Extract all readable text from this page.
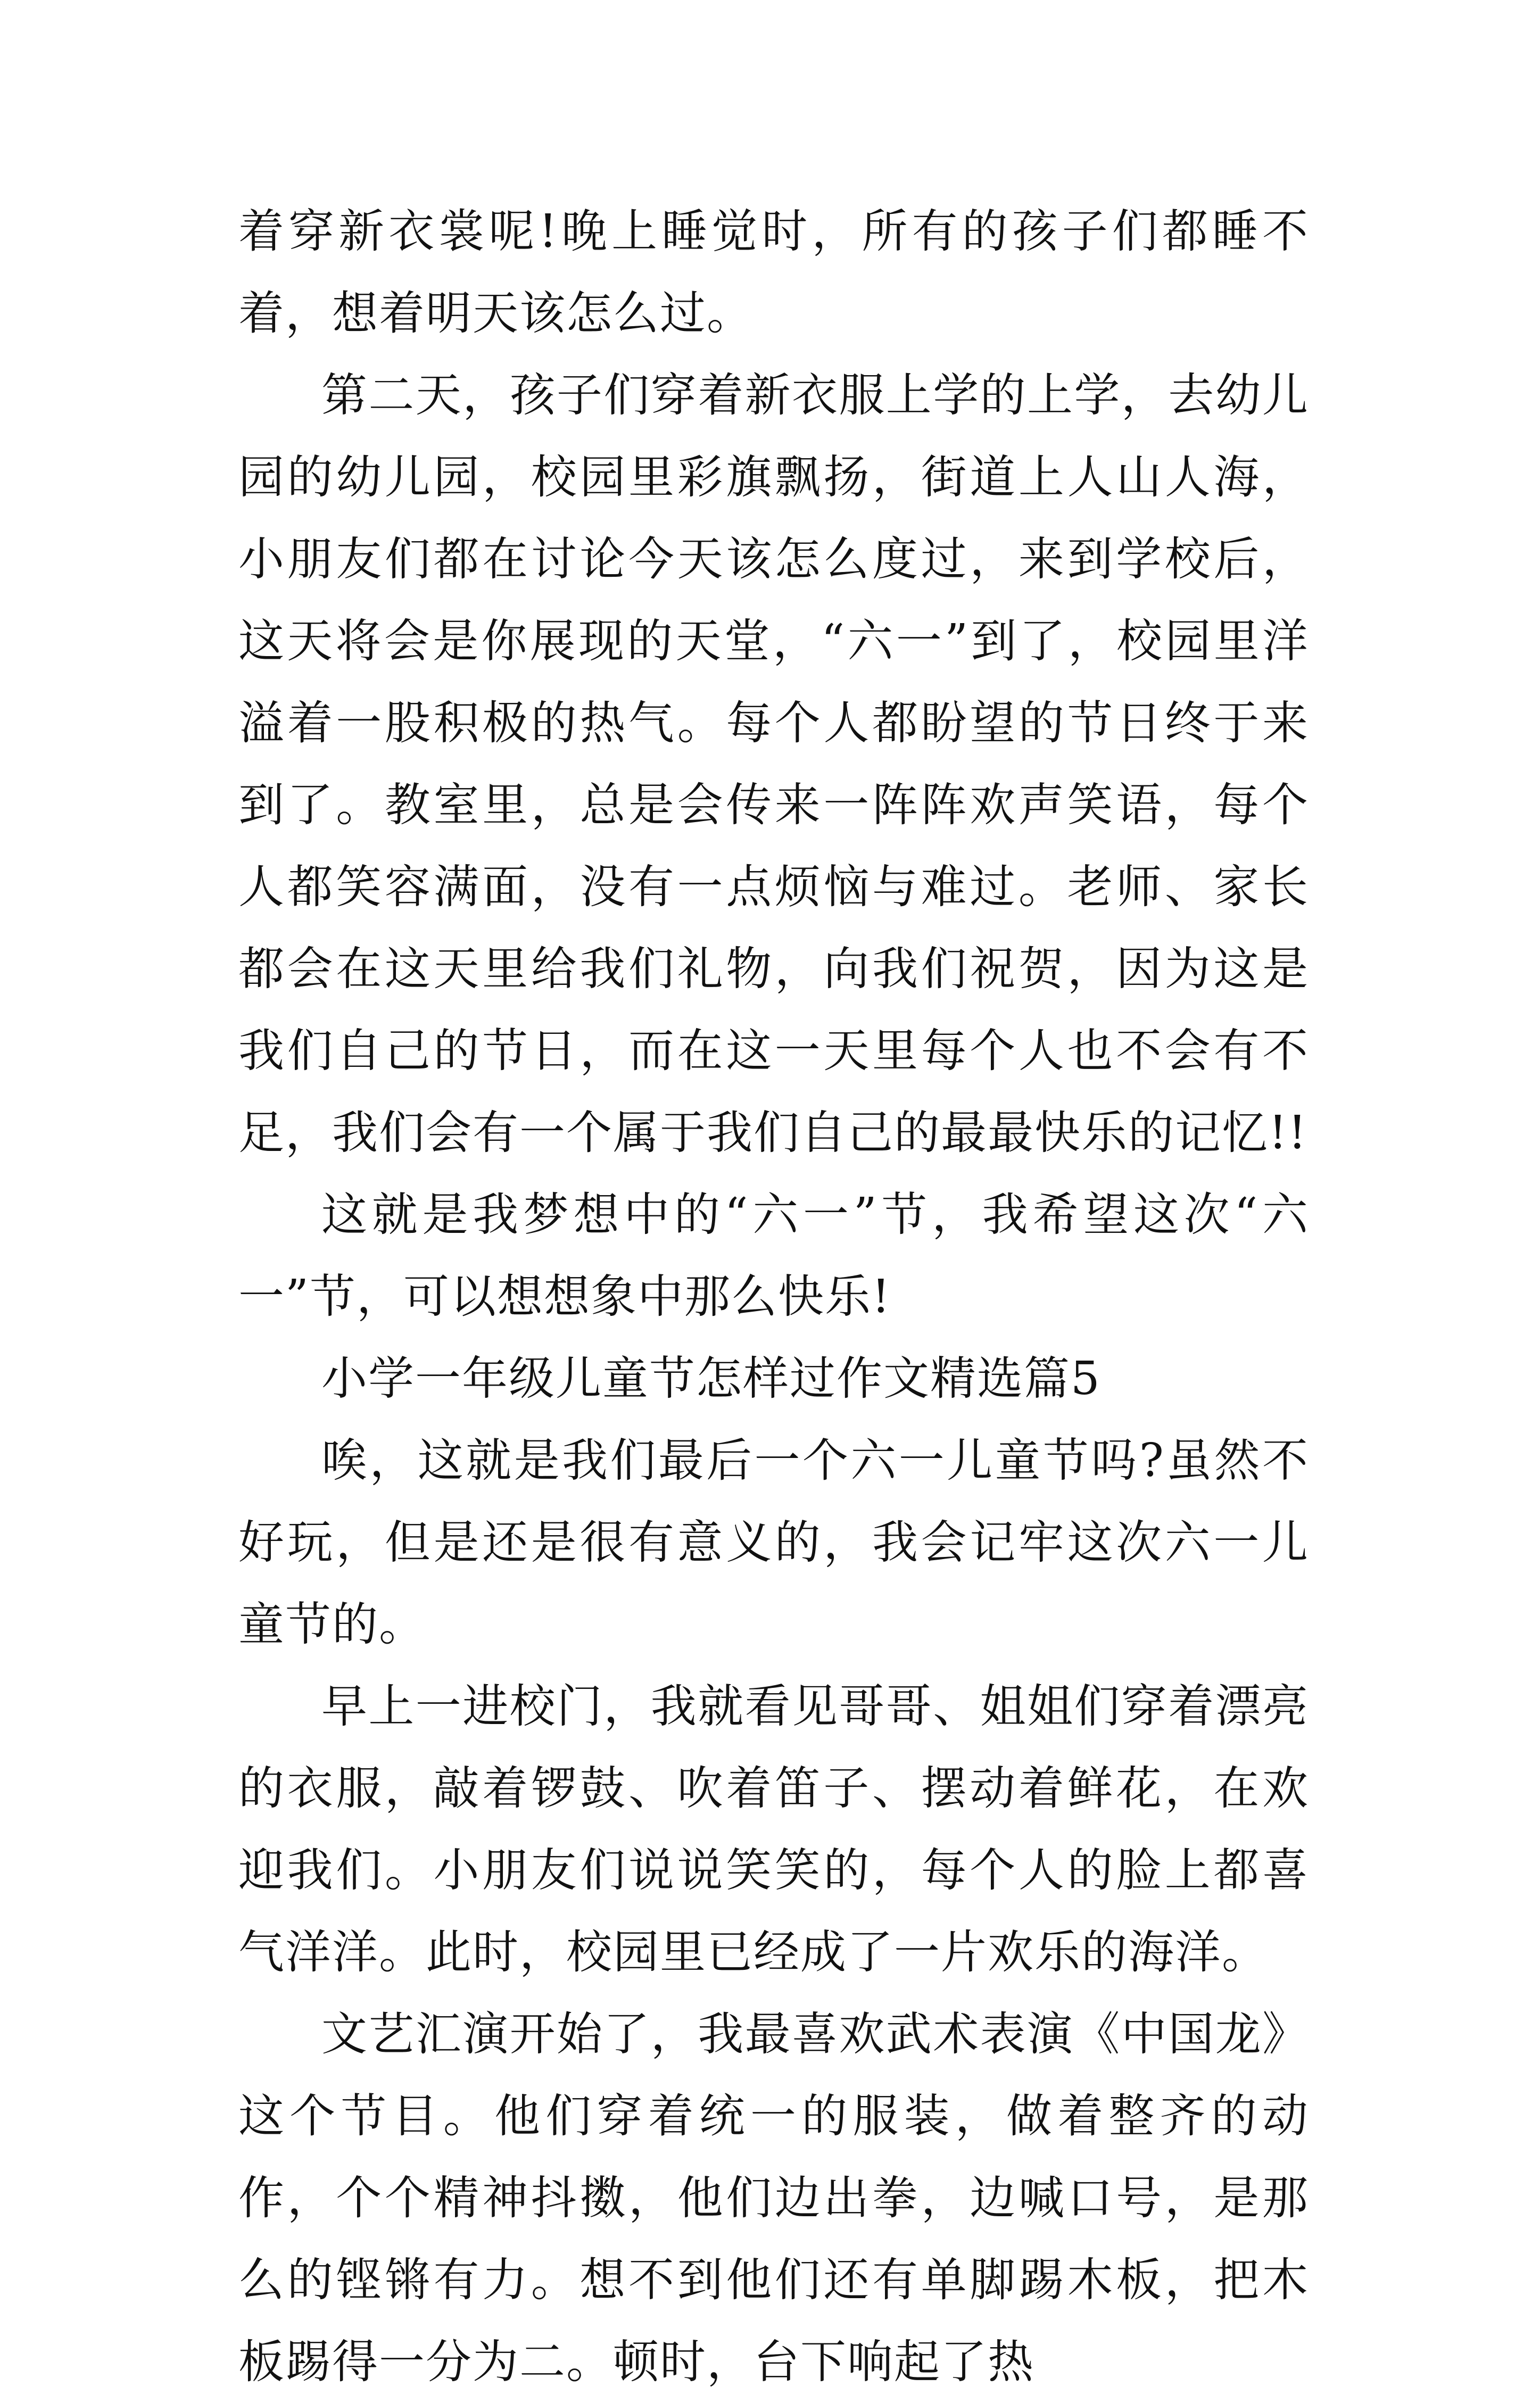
着穿新衣裳呢!晚上睡觉时，所有的孩子们都睡不着，想着明天该怎么过。

第二天，孩子们穿着新衣服上学的上学，去幼儿园的幼儿园，校园里彩旗飘扬，街道上人山人海，小朋友们都在讨论今天该怎么度过，来到学校后，这天将会是你展现的天堂，“六一”到了，校园里洋溢着一股积极的热气。每个人都盼望的节日终于来到了。教室里，总是会传来一阵阵欢声笑语，每个人都笑容满面，没有一点烦恼与难过。老师、家长都会在这天里给我们礼物，向我们祝贺，因为这是我们自己的节日，而在这一天里每个人也不会有不足，我们会有一个属于我们自己的最最快乐的记忆!!

这就是我梦想中的“六一”节，我希望这次“六一”节，可以想想象中那么快乐!

小学一年级儿童节怎样过作文精选篇5

唉，这就是我们最后一个六一儿童节吗?虽然不好玩，但是还是很有意义的，我会记牢这次六一儿童节的。

早上一进校门，我就看见哥哥、姐姐们穿着漂亮的衣服，敲着锣鼓、吹着笛子、摆动着鲜花，在欢迎我们。小朋友们说说笑笑的，每个人的脸上都喜气洋洋。此时，校园里已经成了一片欢乐的海洋。

文艺汇演开始了，我最喜欢武术表演《中国龙》这个节目。他们穿着统一的服装，做着整齐的动作，个个精神抖擞，他们边出拳，边喊口号，是那么的铿锵有力。想不到他们还有单脚踢木板，把木板踢得一分为二。顿时，台下响起了热
